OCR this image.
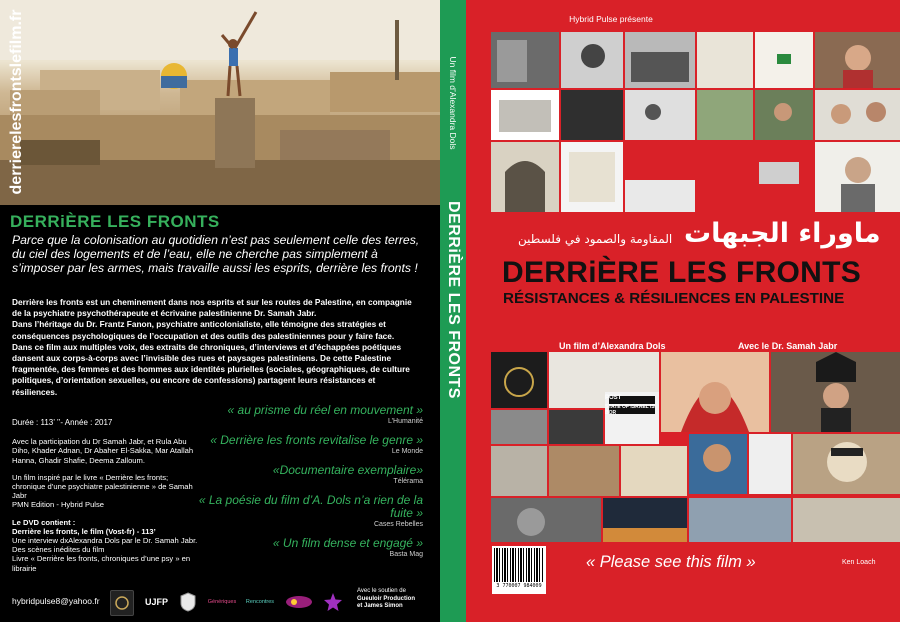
derrierelesfrontslefilm.fr
DERRiÈRE LES FRONTS
Parce que la colonisation au quotidien n’est pas seulement celle des terres, du ciel des logements et de l’eau, elle ne cherche pas simplement à s’imposer par les armes, mais travaille aussi les esprits, derrière les fronts !

Derrière les fronts est un cheminement dans nos esprits et sur les routes de Palestine, en compagnie de la psychiatre psychothérapeute et écrivaine palestinienne Dr. Samah Jabr.

Dans l’héritage du Dr. Frantz Fanon, psychiatre anticolonialiste, elle témoigne des stratégies et conséquences psychologiques de l’occupation et des outils des palestiniennes pour y faire face.

Dans ce film aux multiples voix, des extraits de chroniques, d’interviews et d’échappées poétiques dansent aux corps-à-corps avec l’invisible des rues et paysages palestiniens. De cette Palestine fragmentée, des femmes et des hommes aux identités plurielles (sociales, géographiques, de culture politiques, d’orientation sexuelles, ou encore de confessions) partagent leurs résistances et résiliences.

Durée : 113’ ’’- Année : 2017
Avec la participation du Dr Samah Jabr, et Rula Abu Diho, Khader Adnan, Dr Abaher El-Sakka, Mar Atallah Hanna, Ghadir Shafie, Deema Zalloum.
Un film inspiré par le livre « Derrière les fronts; chronique d’une psychiatre palestinienne » de Samah Jabr
PMN Edition - Hybrid Pulse
Le DVD contient :
Derrière les fronts, le film (Vost-fr) - 113’
Une interview dxAlexandra Dols par le Dr. Samah Jabr.
Des scènes inédites du film
Livre « Derrière les fronts, chroniques d’une psy » en librairie
« au prisme du réel en mouvement »
L’Humanité
« Derrière les fronts revitalise le genre »
Le Monde
«Documentaire exemplaire»
Télérama
« La poésie du film d’A. Dols n’a rien de la fuite »
Cases Rebelles
« Un film dense et engagé »
Basta Mag
hybridpulse8@yahoo.fr	UJFP	Génériques	Rencontres
Avec le soutien de
Gueuloir Production
et James Simon
Un film d’Alexandra Dols
DERRiÈRE LES FRONTS
Hybrid Pulse présente
ماوراء الجبهات
المقاومة والصمود في فلسطين
DERRiÈRE LES FRONTS
RÉSISTANCES & RÉSILIENCES EN PALESTINE
Un film d’Alexandra Dols	Avec le Dr. Samah Jabr
POST
STATE OF ISRAEL IS BOR
3 770007 984009
« Please see this film »	Ken Loach
